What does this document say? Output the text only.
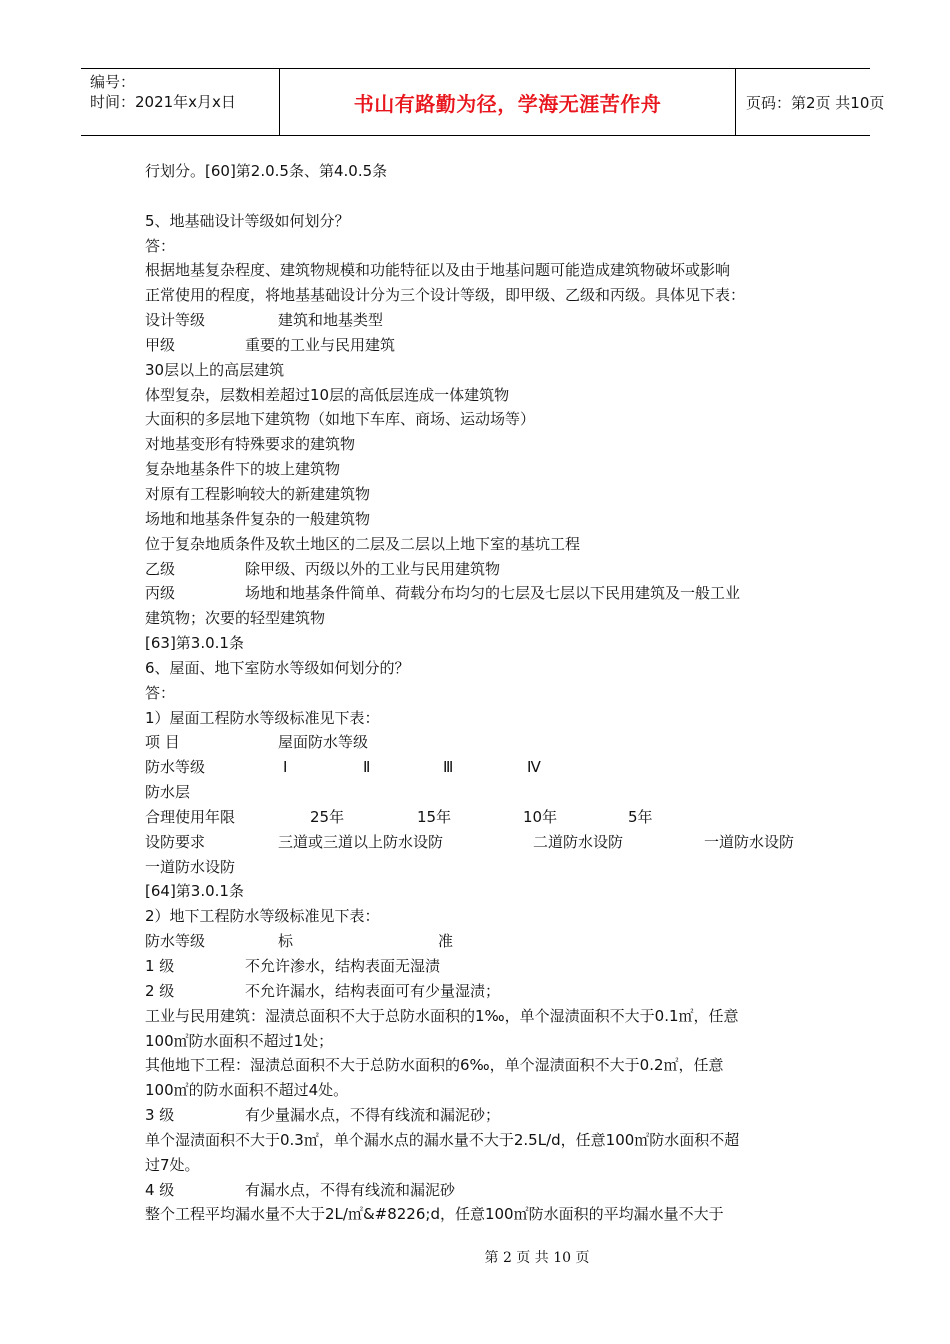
编号：
时间：2021年x月x日	书山有路勤为径，学海无涯苦作舟	页码：第2页 共10页
行划分。[60]第2.0.5条、第4.0.5条
5、地基础设计等级如何划分？
答：
根据地基复杂程度、建筑物规模和功能特征以及由于地基问题可能造成建筑物破坏或影响
正常使用的程度，将地基基础设计分为三个设计等级，即甲级、乙级和丙级。具体见下表：
设计等级	建筑和地基类型
甲级	重要的工业与民用建筑
30层以上的高层建筑
体型复杂，层数相差超过10层的高低层连成一体建筑物
大面积的多层地下建筑物（如地下车库、商场、运动场等）
对地基变形有特殊要求的建筑物
复杂地基条件下的坡上建筑物
对原有工程影响较大的新建建筑物
场地和地基条件复杂的一般建筑物
位于复杂地质条件及软土地区的二层及二层以上地下室的基坑工程
乙级	除甲级、丙级以外的工业与民用建筑物
丙级	场地和地基条件简单、荷载分布均匀的七层及七层以下民用建筑及一般工业
建筑物；次要的轻型建筑物
[63]第3.0.1条
6、屋面、地下室防水等级如何划分的？
答：
1）屋面工程防水等级标准见下表：
项 目	屋面防水等级
防水等级	Ⅰ	Ⅱ	Ⅲ	Ⅳ
防水层
合理使用年限	25年	15年	10年	5年
设防要求	三道或三道以上防水设防	二道防水设防	一道防水设防
一道防水设防
[64]第3.0.1条
2）地下工程防水等级标准见下表：
防水等级	标	准
1 级	不允许渗水，结构表面无湿渍
2 级	不允许漏水，结构表面可有少量湿渍；
工业与民用建筑：湿渍总面积不大于总防水面积的1‰，单个湿渍面积不大于0.1㎡，任意
100㎡防水面积不超过1处；
其他地下工程：湿渍总面积不大于总防水面积的6‰，单个湿渍面积不大于0.2㎡，任意
100㎡的防水面积不超过4处。
3 级	有少量漏水点，不得有线流和漏泥砂；
单个湿渍面积不大于0.3㎡，单个漏水点的漏水量不大于2.5L/d，任意100㎡防水面积不超
过7处。
4 级	有漏水点，不得有线流和漏泥砂
整个工程平均漏水量不大于2L/㎡&#8226;d，任意100㎡防水面积的平均漏水量不大于
第 2 页 共 10 页
